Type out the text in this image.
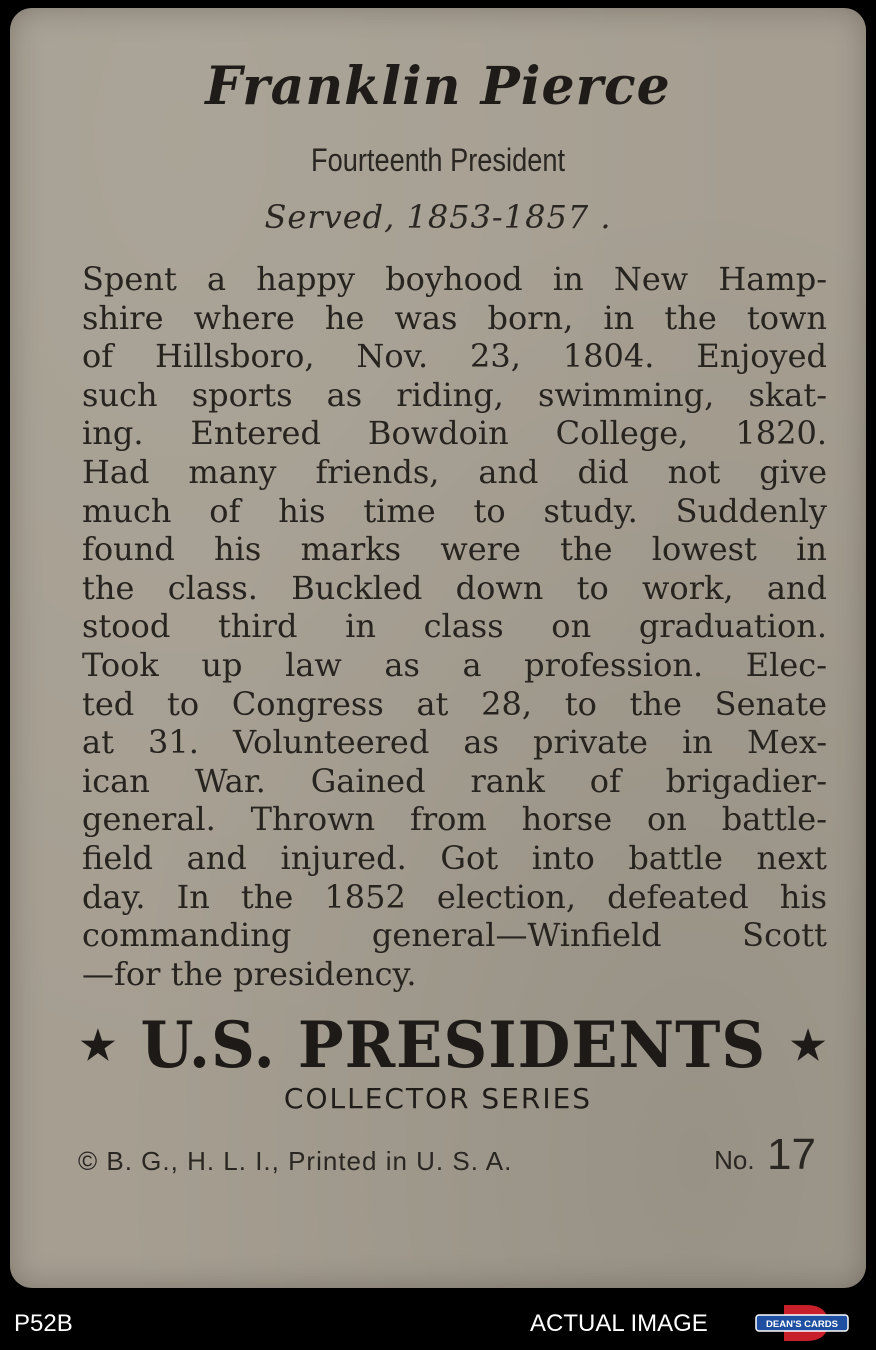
Franklin Pierce
Fourteenth President
Served, 1853-1857 .
Spent a happy boyhood in New Hamp-
shire where he was born, in the town
of Hillsboro, Nov. 23, 1804. Enjoyed
such sports as riding, swimming, skat-
ing. Entered Bowdoin College, 1820.
Had many friends, and did not give
much of his time to study. Suddenly
found his marks were the lowest in
the class. Buckled down to work, and
stood third in class on graduation.
Took up law as a profession. Elec-
ted to Congress at 28, to the Senate
at 31. Volunteered as private in Mex-
ican War. Gained rank of brigadier-
general. Thrown from horse on battle-
field and injured. Got into battle next
day. In the 1852 election, defeated his
commanding general—Winfield Scott
—for the presidency.
★ U.S. PRESIDENTS ★
COLLECTOR SERIES
© B. G., H. L. I., Printed in U. S. A.	No. 17
P52B	ACTUAL IMAGE	DEAN'S CARDS
